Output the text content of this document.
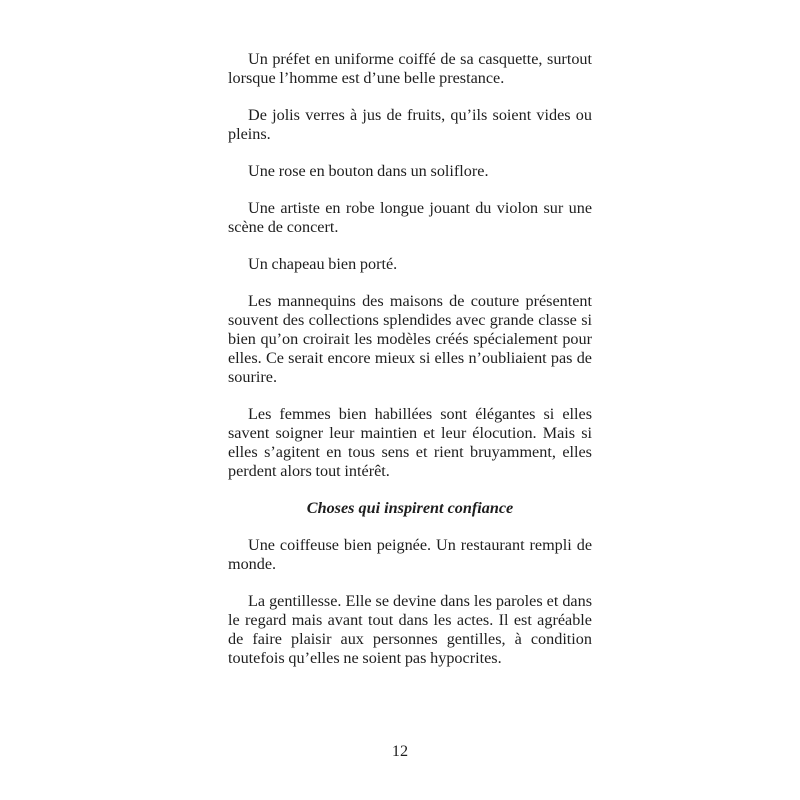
Un préfet en uniforme coiffé de sa casquette, surtout lorsque l’homme est d’une belle prestance.

De jolis verres à jus de fruits, qu’ils soient vides ou pleins.

Une rose en bouton dans un soliflore.

Une artiste en robe longue jouant du violon sur une scène de concert.

Un chapeau bien porté.

Les mannequins des maisons de couture présentent souvent des collections splendides avec grande classe si bien qu’on croirait les modèles créés spécialement pour elles. Ce serait encore mieux si elles n’oubliaient pas de sourire.

Les femmes bien habillées sont élégantes si elles savent soigner leur maintien et leur élocution. Mais si elles s’agitent en tous sens et rient bruyamment, elles perdent alors tout intérêt.

Choses qui inspirent confiance

Une coiffeuse bien peignée. Un restaurant rempli de monde.

La gentillesse. Elle se devine dans les paroles et dans le regard mais avant tout dans les actes. Il est agréable de faire plaisir aux personnes gentilles, à condition toutefois qu’elles ne soient pas hypocrites.

12
